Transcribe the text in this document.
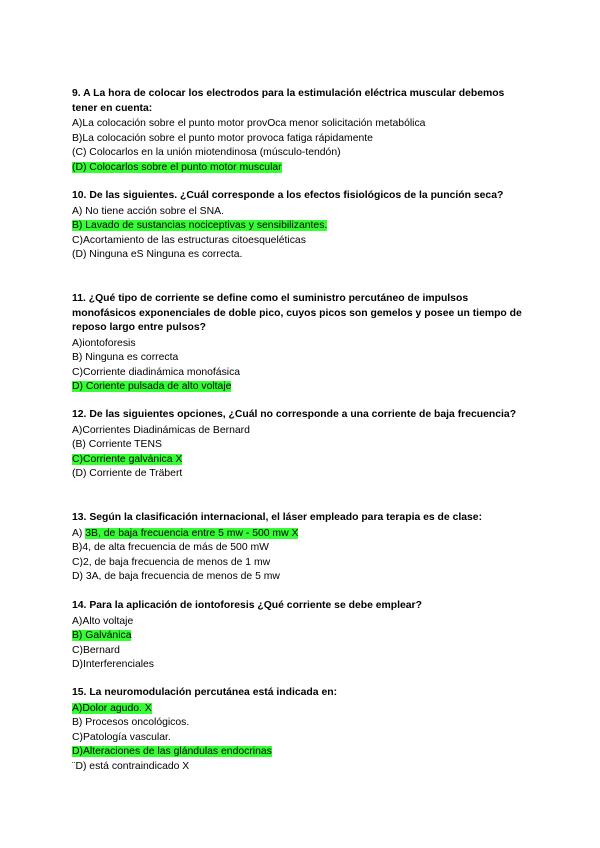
9. A La hora de colocar los electrodos para la estimulación eléctrica muscular debemos tener en cuenta:
A)La colocación sobre el punto motor provOca menor solicitación metabólica
B)La colocación sobre el punto motor provoca fatiga rápidamente
(C) Colocarlos en la unión miotendinosa (músculo-tendón)
(D) Colocarlos sobre el punto motor muscular
10. De las siguientes. ¿Cuál corresponde a los efectos fisiológicos de la punción seca?
A) No tiene acción sobre el SNA.
B) Lavado de sustancias nociceptivas y sensibilizantes.
C)Acortamiento de las estructuras citoesqueléticas
(D) Ninguna eS Ninguna es correcta.
11. ¿Qué tipo de corriente se define como el suministro percutáneo de impulsos monofásicos exponenciales de doble pico, cuyos picos son gemelos y posee un tiempo de reposo largo entre pulsos?
A)iontoforesis
B) Ninguna es correcta
C)Corriente diadinámica monofásica
D) Coriente pulsada de alto voltaje
12. De las siguientes opciones, ¿Cuál no corresponde a una corriente de baja frecuencia?
A)Corrientes Diadinámicas de Bernard
(B) Corriente TENS
C)Corriente galvánica X
(D) Corriente de Träbert
13. Según la clasificación internacional, el láser empleado para terapia es de clase:
A) 3B, de baja frecuencia entre 5 mw - 500 mw X
B)4, de alta frecuencia de más de 500 mW
C)2, de baja frecuencia de menos de 1 mw
D) 3A, de baja frecuencia de menos de 5 mw
14. Para la aplicación de iontoforesis ¿Qué corriente se debe emplear?
A)Alto voltaje
B) Galvánica
C)Bernard
D)Interferenciales
15. La neuromodulación percutánea está indicada en:
A)Dolor agudo. X
B) Procesos oncológicos.
C)Patología vascular.
D)Alteraciones de las glándulas endocrinas
¨D) está contraindicado X
